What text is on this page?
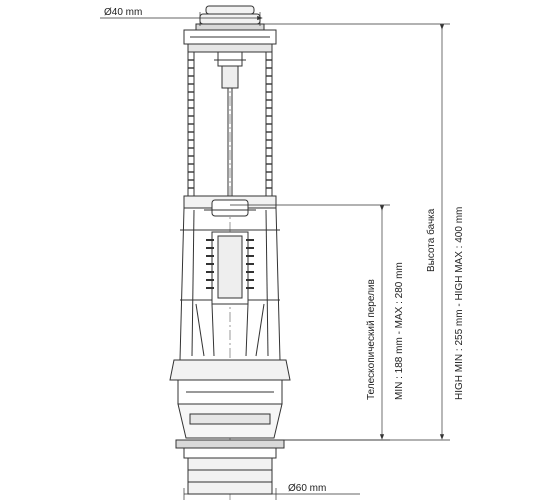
Ø40 mm
Ø60 mm
Телескопический перелив MIN : 188 mm - MAX : 280 mm
Высота бачка HIGH MIN : 255 mm - HIGH MAX : 400 mm
